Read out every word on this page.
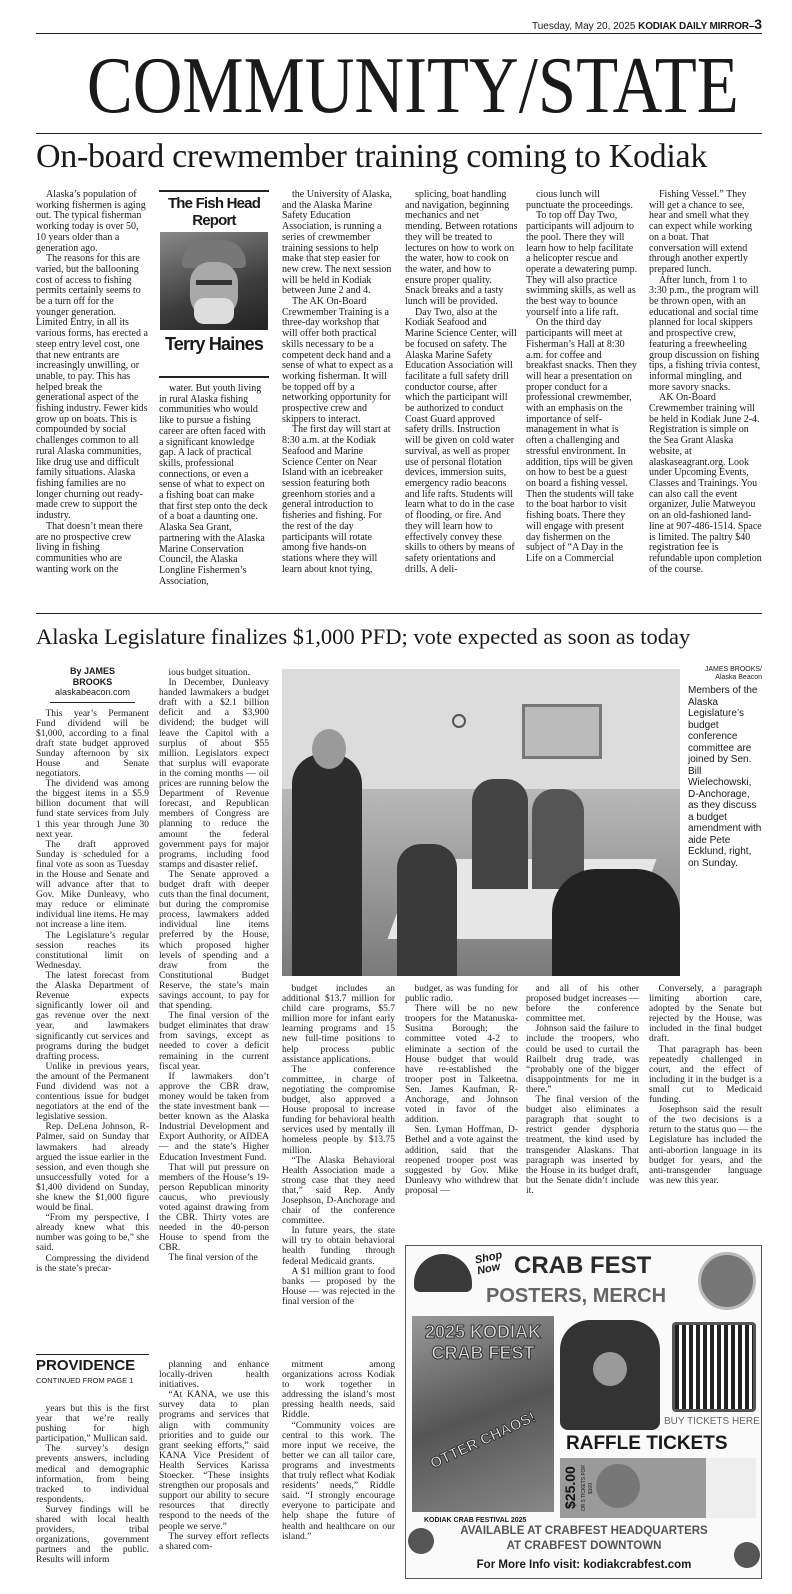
Tuesday, May 20, 2025 KODIAK DAILY MIRROR–3
COMMUNITY/STATE
On-board crewmember training coming to Kodiak

Alaska’s population of working fishermen is aging out. The typical fisherman working today is over 50, 10 years older than a generation ago.

The reasons for this are varied, but the ballooning cost of access to fishing permits certainly seems to be a turn off for the younger generation. Limited Entry, in all its various forms, has erected a steep entry level cost, one that new entrants are increasingly unwilling, or unable, to pay. This has helped break the generational aspect of the fishing industry. Fewer kids grow up on boats. This is compounded by social challenges common to all rural Alaska communities, like drug use and difficult family situations. Alaska fishing families are no longer churning out ready-made crew to support the industry.

That doesn’t mean there are no prospective crew living in fishing communities who are wanting work on the

The Fish Head Report
Terry Haines

water. But youth living in rural Alaska fishing communities who would like to pursue a fishing career are often faced with a significant knowledge gap. A lack of practical skills, professional connections, or even a sense of what to expect on a fishing boat can make that first step onto the deck of a boat a daunting one. Alaska Sea Grant, partnering with the Alaska Marine Conservation Council, the Alaska Longline Fishermen’s Association,

the University of Alaska, and the Alaska Marine Safety Education Association, is running a series of crewmember training sessions to help make that step easier for new crew. The next session will be held in Kodiak between June 2 and 4.

The AK On-Board Crewmember Training is a three-day workshop that will offer both practical skills necessary to be a competent deck hand and a sense of what to expect as a working fisherman. It will be topped off by a networking opportunity for prospective crew and skippers to interact.

The first day will start at 8:30 a.m. at the Kodiak Seafood and Marine Science Center on Near Island with an icebreaker session featuring both greenhorn stories and a general introduction to fisheries and fishing. For the rest of the day participants will rotate among five hands-on stations where they will learn about knot tying,

splicing, boat handling and navigation, beginning mechanics and net mending. Between rotations they will be treated to lectures on how to work on the water, how to cook on the water, and how to ensure proper quality. Snack breaks and a tasty lunch will be provided.

Day Two, also at the Kodiak Seafood and Marine Science Center, will be focused on safety. The Alaska Marine Safety Education Association will facilitate a full safety drill conductor course, after which the participant will be authorized to conduct Coast Guard approved safety drills. Instruction will be given on cold water survival, as well as proper use of personal flotation devices, immersion suits, emergency radio beacons and life rafts. Students will learn what to do in the case of flooding, or fire. And they will learn how to effectively convey these skills to others by means of safety orientations and drills. A deli-

cious lunch will punctuate the proceedings.

To top off Day Two, participants will adjourn to the pool. There they will learn how to help facilitate a helicopter rescue and operate a dewatering pump. They will also practice swimming skills, as well as the best way to bounce yourself into a life raft.

On the third day participants will meet at Fisherman’s Hall at 8:30 a.m. for coffee and breakfast snacks. Then they will hear a presentation on proper conduct for a professional crewmember, with an emphasis on the importance of self-management in what is often a challenging and stressful environment. In addition, tips will be given on how to best be a guest on board a fishing vessel. Then the students will take to the boat harbor to visit fishing boats. There they will engage with present day fishermen on the subject of “A Day in the Life on a Commercial

Fishing Vessel.” They will get a chance to see, hear and smell what they can expect while working on a boat. That conversation will extend through another expertly prepared lunch.

After lunch, from 1 to 3:30 p.m., the program will be thrown open, with an educational and social time planned for local skippers and prospective crew, featuring a freewheeling group discussion on fishing tips, a fishing trivia contest, informal mingling, and more savory snacks.

AK On-Board Crewmember training will be held in Kodiak June 2-4. Registration is simple on the Sea Grant Alaska website, at alaskaseagrant.org. Look under Upcoming Events, Classes and Trainings. You can also call the event organizer, Julie Matweyou on an old-fashioned land-line at 907-486-1514. Space is limited. The paltry $40 registration fee is refundable upon completion of the course.

Alaska Legislature finalizes $1,000 PFD; vote expected as soon as today
By JAMES BROOKS
alaskabeacon.com

This year’s Permanent Fund dividend will be $1,000, according to a final draft state budget approved Sunday afternoon by six House and Senate negotiators.

The dividend was among the biggest items in a $5.9 billion document that will fund state services from July 1 this year through June 30 next year.

The draft approved Sunday is scheduled for a final vote as soon as Tuesday in the House and Senate and will advance after that to Gov. Mike Dunleavy, who may reduce or eliminate individual line items. He may not increase a line item.

The Legislature’s regular session reaches its constitutional limit on Wednesday.

The latest forecast from the Alaska Department of Revenue expects significantly lower oil and gas revenue over the next year, and lawmakers significantly cut services and programs during the budget drafting process.

Unlike in previous years, the amount of the Permanent Fund dividend was not a contentious issue for budget negotiators at the end of the legislative session.

Rep. DeLena Johnson, R-Palmer, said on Sunday that lawmakers had already argued the issue earlier in the session, and even though she unsuccessfully voted for a $1,400 dividend on Sunday, she knew the $1,000 figure would be final.

“From my perspective, I already knew what this number was going to be,” she said.

Compressing the dividend is the state’s precar-

ious budget situation.

In December, Dunleavy handed lawmakers a budget draft with a $2.1 billion deficit and a $3,900 dividend; the budget will leave the Capitol with a surplus of about $55 million. Legislators expect that surplus will evaporate in the coming months — oil prices are running below the Department of Revenue forecast, and Republican members of Congress are planning to reduce the amount the federal government pays for major programs, including food stamps and disaster relief.

The Senate approved a budget draft with deeper cuts than the final document, but during the compromise process, lawmakers added individual line items preferred by the House, which proposed higher levels of spending and a draw from the Constitutional Budget Reserve, the state’s main savings account, to pay for that spending.

The final version of the budget eliminates that draw from savings, except as needed to cover a deficit remaining in the current fiscal year.

If lawmakers don’t approve the CBR draw, money would be taken from the state investment bank — better known as the Alaska Industrial Development and Export Authority, or AIDEA — and the state’s Higher Education Investment Fund.

That will put pressure on members of the House’s 19-person Republican minority caucus, who previously voted against drawing from the CBR. Thirty votes are needed in the 40-person House to spend from the CBR.

The final version of the

JAMES BROOKS/ Alaska Beacon
Members of the Alaska Legislature’s budget conference committee are joined by Sen. Bill Wielechowski, D-Anchorage, as they discuss a budget amendment with aide Pete Ecklund, right, on Sunday.

budget includes an additional $13.7 million for child care programs, $5.7 million more for infant early learning programs and 15 new full-time positions to help process public assistance applications.

The conference committee, in charge of negotiating the compromise budget, also approved a House proposal to increase funding for behavioral health services used by mentally ill homeless people by $13.75 million.

“The Alaska Behavioral Health Association made a strong case that they need that,” said Rep. Andy Josephson, D-Anchorage and chair of the conference committee.

In future years, the state will try to obtain behavioral health funding through federal Medicaid grants.

A $1 million grant to food banks — proposed by the House — was rejected in the final version of the

budget, as was funding for public radio.

There will be no new troopers for the Matanuska-Susitna Borough; the committee voted 4-2 to eliminate a section of the House budget that would have re-established the trooper post in Talkeetna. Sen. James Kaufman, R-Anchorage, and Johnson voted in favor of the addition.

Sen. Lyman Hoffman, D-Bethel and a vote against the addition, said that the reopened trooper post was suggested by Gov. Mike Dunleavy who withdrew that proposal —

and all of his other proposed budget increases — before the conference committee met.

Johnson said the failure to include the troopers, who could be used to curtail the Railbelt drug trade, was “probably one of the bigger disappointments for me in there.”

The final version of the budget also eliminates a paragraph that sought to restrict gender dysphoria treatment, the kind used by transgender Alaskans. That paragraph was inserted by the House in its budget draft, but the Senate didn’t include it.

Conversely, a paragraph limiting abortion care, adopted by the Senate but rejected by the House, was included in the final budget draft.

That paragraph has been repeatedly challenged in court, and the effect of including it in the budget is a small cut to Medicaid funding.

Josephson said the result of the two decisions is a return to the status quo — the Legislature has included the anti-abortion language in its budget for years, and the anti-transgender language was new this year.

PROVIDENCE
CONTINUED FROM PAGE 1

years but this is the first year that we’re really pushing for high participation,” Mullican said.

The survey’s design prevents answers, including medical and demographic information, from being tracked to individual respondents.

Survey findings will be shared with local health providers, tribal organizations, government partners and the public. Results will inform

planning and enhance locally-driven health initiatives.

“At KANA, we use this survey data to plan programs and services that align with community priorities and to guide our grant seeking efforts,” said KANA Vice President of Health Services Karissa Stoecker. “These insights strengthen our proposals and support our ability to secure resources that directly respond to the needs of the people we serve.”

The survey effort reflects a shared com-

mitment among organizations across Kodiak to work together in addressing the island’s most pressing health needs, said Riddle.

“Community voices are central to this work. The more input we receive, the better we can all tailor care, programs and investments that truly reflect what Kodiak residents’ needs,” Riddle said. “I strongly encourage everyone to participate and help shape the future of health and healthcare on our island.”

Shop Now CRAB FEST
POSTERS, MERCH
2025 KODIAK CRAB FEST
OTTER CHAOS!
KODIAK CRAB FESTIVAL 2025
BUY TICKETS HERE
RAFFLE TICKETS
$25.00 OR 5 TICKETS FOR $100
AVAILABLE AT CRABFEST HEADQUARTERS
AT CRABFEST DOWNTOWN
For More Info visit: kodiakcrabfest.com
